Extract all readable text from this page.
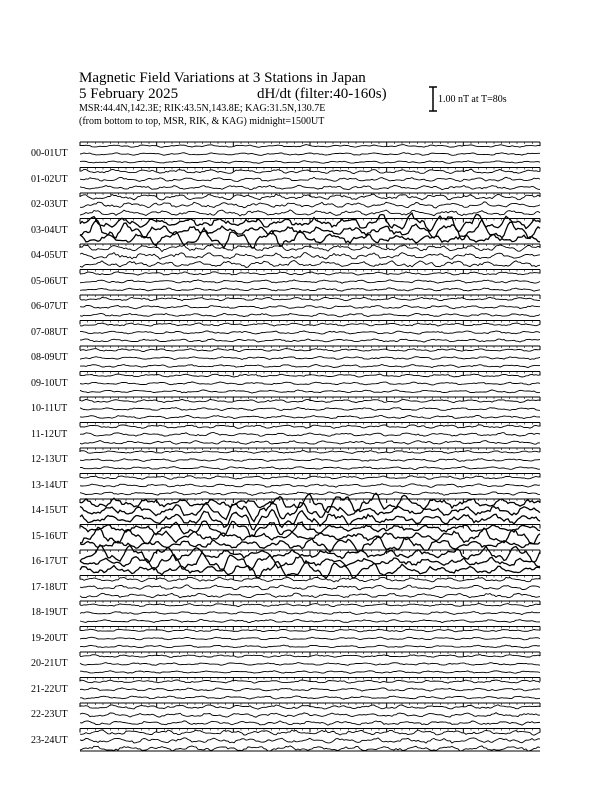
Magnetic Field Variations at 3 Stations in Japan
5 February 2025	dH/dt (filter:40-160s)
MSR:44.4N,142.3E; RIK:43.5N,143.8E; KAG:31.5N,130.7E
(from bottom to top, MSR, RIK, & KAG) midnight=1500UT
1.00 nT at T=80s
00-01UT
01-02UT
02-03UT
03-04UT
04-05UT
05-06UT
06-07UT
07-08UT
08-09UT
09-10UT
10-11UT
11-12UT
12-13UT
13-14UT
14-15UT
15-16UT
16-17UT
17-18UT
18-19UT
19-20UT
20-21UT
21-22UT
22-23UT
23-24UT
